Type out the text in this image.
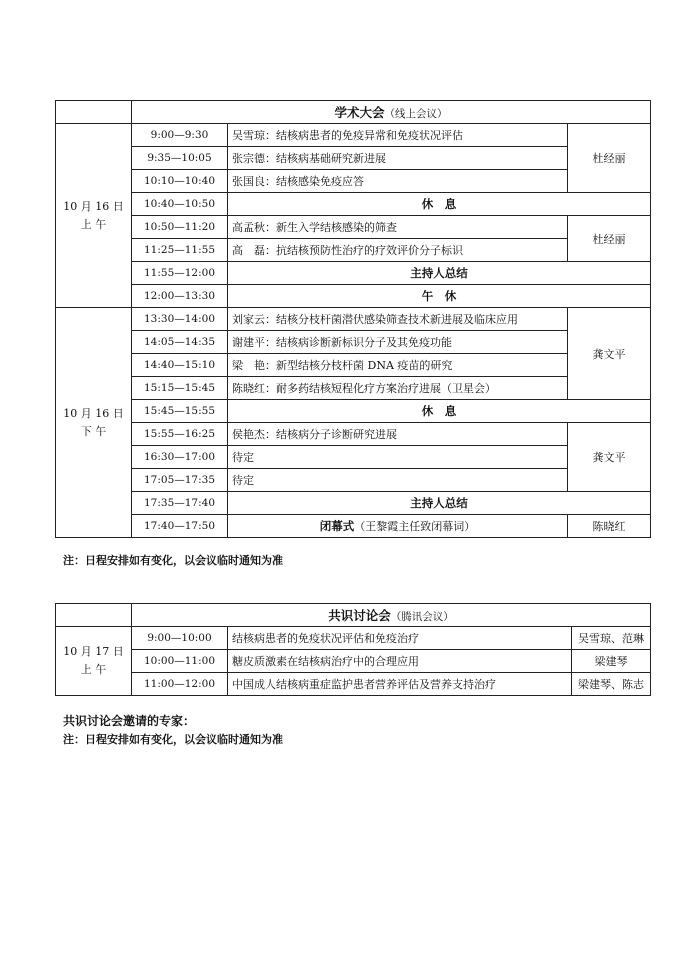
	学术大会（线上会议）		

10 月 16 日
上 午	9:00—9:30	吴雪琼：结核病患者的免疫异常和免疫状况评估	杜经丽
	9:35—10:05	张宗德：结核病基础研究新进展	
	10:10—10:40	张国良：结核感染免疫应答	
	10:40—10:50	休　息	
	10:50—11:20	高孟秋：新生入学结核感染的筛查	杜经丽
	11:25—11:55	高　磊：抗结核预防性治疗的疗效评价分子标识	
	11:55—12:00	主持人总结	
	12:00—13:30	午　休	

10 月 16 日
下 午	13:30—14:00	刘家云：结核分枝杆菌潜伏感染筛查技术新进展及临床应用	龚文平
	14:05—14:35	谢建平：结核病诊断新标识分子及其免疫功能	
	14:40—15:10	梁　艳：新型结核分枝杆菌 DNA 疫苗的研究	
	15:15—15:45	陈晓红：耐多药结核短程化疗方案治疗进展（卫星会）	
	15:45—15:55	休　息	
	15:55—16:25	侯艳杰：结核病分子诊断研究进展	龚文平
	16:30—17:00	待定	
	17:05—17:35	待定	
	17:35—17:40	主持人总结	
	17:40—17:50	闭幕式（王黎霞主任致闭幕词）	陈晓红
注：日程安排如有变化，以会议临时通知为准
	共识讨论会（腾讯会议）		

10 月 17 日
上 午	9:00—10:00	结核病患者的免疫状况评估和免疫治疗	吴雪琼、范琳
	10:00—11:00	糖皮质激素在结核病治疗中的合理应用	梁建琴
	11:00—12:00	中国成人结核病重症监护患者营养评估及营养支持治疗	梁建琴、陈志
共识讨论会邀请的专家：
注：日程安排如有变化，以会议临时通知为准
